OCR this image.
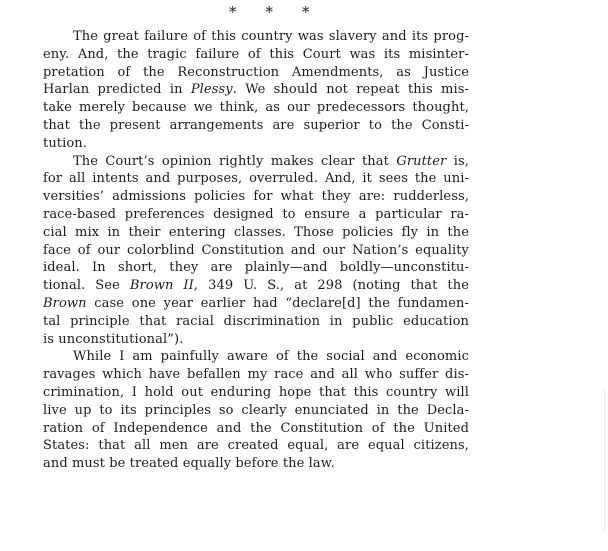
* * *
The great failure of this country was slavery and its prog-
eny. And, the tragic failure of this Court was its misinter-
pretation of the Reconstruction Amendments, as Justice
Harlan predicted in Plessy. We should not repeat this mis-
take merely because we think, as our predecessors thought,
that the present arrangements are superior to the Consti-
tution.
The Court’s opinion rightly makes clear that Grutter is,
for all intents and purposes, overruled. And, it sees the uni-
versities’ admissions policies for what they are: rudderless,
race-based preferences designed to ensure a particular ra-
cial mix in their entering classes. Those policies fly in the
face of our colorblind Constitution and our Nation’s equality
ideal. In short, they are plainly—and boldly—unconstitu-
tional. See Brown II, 349 U. S., at 298 (noting that the
Brown case one year earlier had “declare[d] the fundamen-
tal principle that racial discrimination in public education
is unconstitutional”).
While I am painfully aware of the social and economic
ravages which have befallen my race and all who suffer dis-
crimination, I hold out enduring hope that this country will
live up to its principles so clearly enunciated in the Decla-
ration of Independence and the Constitution of the United
States: that all men are created equal, are equal citizens,
and must be treated equally before the law.
